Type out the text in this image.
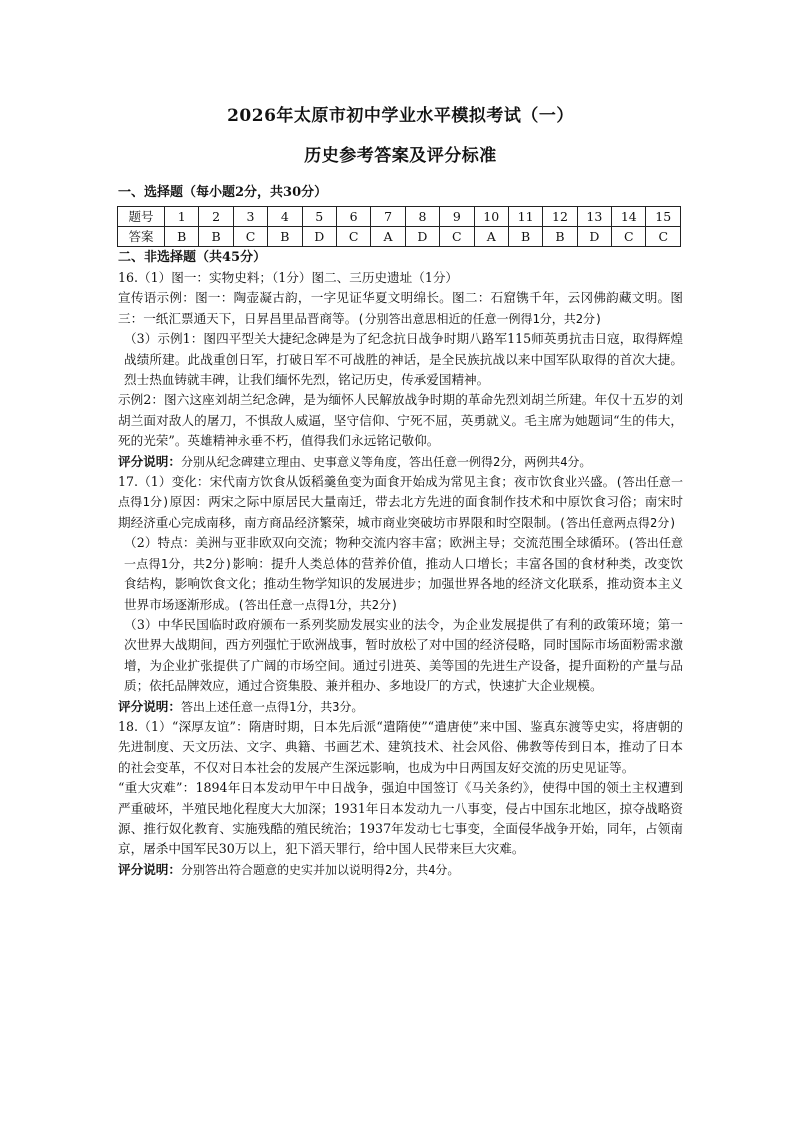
2026年太原市初中学业水平模拟考试（一）
历史参考答案及评分标准
一、选择题（每小题2分，共30分）
题号	1	2	3	4	5	6	7	8	9	10	11	12	13	14	15
答案	B	B	C	B	D	C	A	D	C	A	B	B	D	C	C
二、非选择题（共45分）

16.（1）图一：实物史料；（1分）图二、三历史遗址（1分）

宣传语示例：图一：陶壶凝古韵，一字见证华夏文明绵长。图二：石窟镌千年，云冈佛韵藏文明。图三：一纸汇票通天下，日昇昌里品晋商等。(分别答出意思相近的任意一例得1分，共2分)

（3）示例1：图四平型关大捷纪念碑是为了纪念抗日战争时期八路军115师英勇抗击日寇，取得辉煌战绩所建。此战重创日军，打破日军不可战胜的神话，是全民族抗战以来中国军队取得的首次大捷。烈士热血铸就丰碑，让我们缅怀先烈，铭记历史，传承爱国精神。

示例2：图六这座刘胡兰纪念碑，是为缅怀人民解放战争时期的革命先烈刘胡兰所建。年仅十五岁的刘胡兰面对敌人的屠刀，不惧敌人威逼，坚守信仰、宁死不屈，英勇就义。毛主席为她题词“生的伟大，死的光荣”。英雄精神永垂不朽，值得我们永远铭记敬仰。

评分说明：分别从纪念碑建立理由、史事意义等角度，答出任意一例得2分，两例共4分。

17.（1）变化：宋代南方饮食从饭稻羹鱼变为面食开始成为常见主食；夜市饮食业兴盛。(答出任意一点得1分)原因：两宋之际中原居民大量南迁，带去北方先进的面食制作技术和中原饮食习俗；南宋时期经济重心完成南移，南方商品经济繁荣，城市商业突破坊市界限和时空限制。(答出任意两点得2分)

（2）特点：美洲与亚非欧双向交流；物种交流内容丰富；欧洲主导；交流范围全球循环。(答出任意一点得1分，共2分)影响：提升人类总体的营养价值，推动人口增长；丰富各国的食材种类，改变饮食结构，影响饮食文化；推动生物学知识的发展进步；加强世界各地的经济文化联系，推动资本主义世界市场逐渐形成。(答出任意一点得1分，共2分)

（3）中华民国临时政府颁布一系列奖励发展实业的法令，为企业发展提供了有利的政策环境；第一次世界大战期间，西方列强忙于欧洲战事，暂时放松了对中国的经济侵略，同时国际市场面粉需求激增，为企业扩张提供了广阔的市场空间。通过引进英、美等国的先进生产设备，提升面粉的产量与品质；依托品牌效应，通过合资集股、兼并租办、多地设厂的方式，快速扩大企业规模。

评分说明：答出上述任意一点得1分，共3分。

18.（1）“深厚友谊”：隋唐时期，日本先后派“遣隋使”“遣唐使”来中国、鉴真东渡等史实，将唐朝的先进制度、天文历法、文字、典籍、书画艺术、建筑技术、社会风俗、佛教等传到日本，推动了日本的社会变革，不仅对日本社会的发展产生深远影响，也成为中日两国友好交流的历史见证等。

“重大灾难”：1894年日本发动甲午中日战争，强迫中国签订《马关条约》，使得中国的领土主权遭到严重破坏，半殖民地化程度大大加深；1931年日本发动九一八事变，侵占中国东北地区，掠夺战略资源、推行奴化教育、实施残酷的殖民统治；1937年发动七七事变，全面侵华战争开始，同年，占领南京，屠杀中国军民30万以上，犯下滔天罪行，给中国人民带来巨大灾难。

评分说明：分别答出符合题意的史实并加以说明得2分，共4分。
